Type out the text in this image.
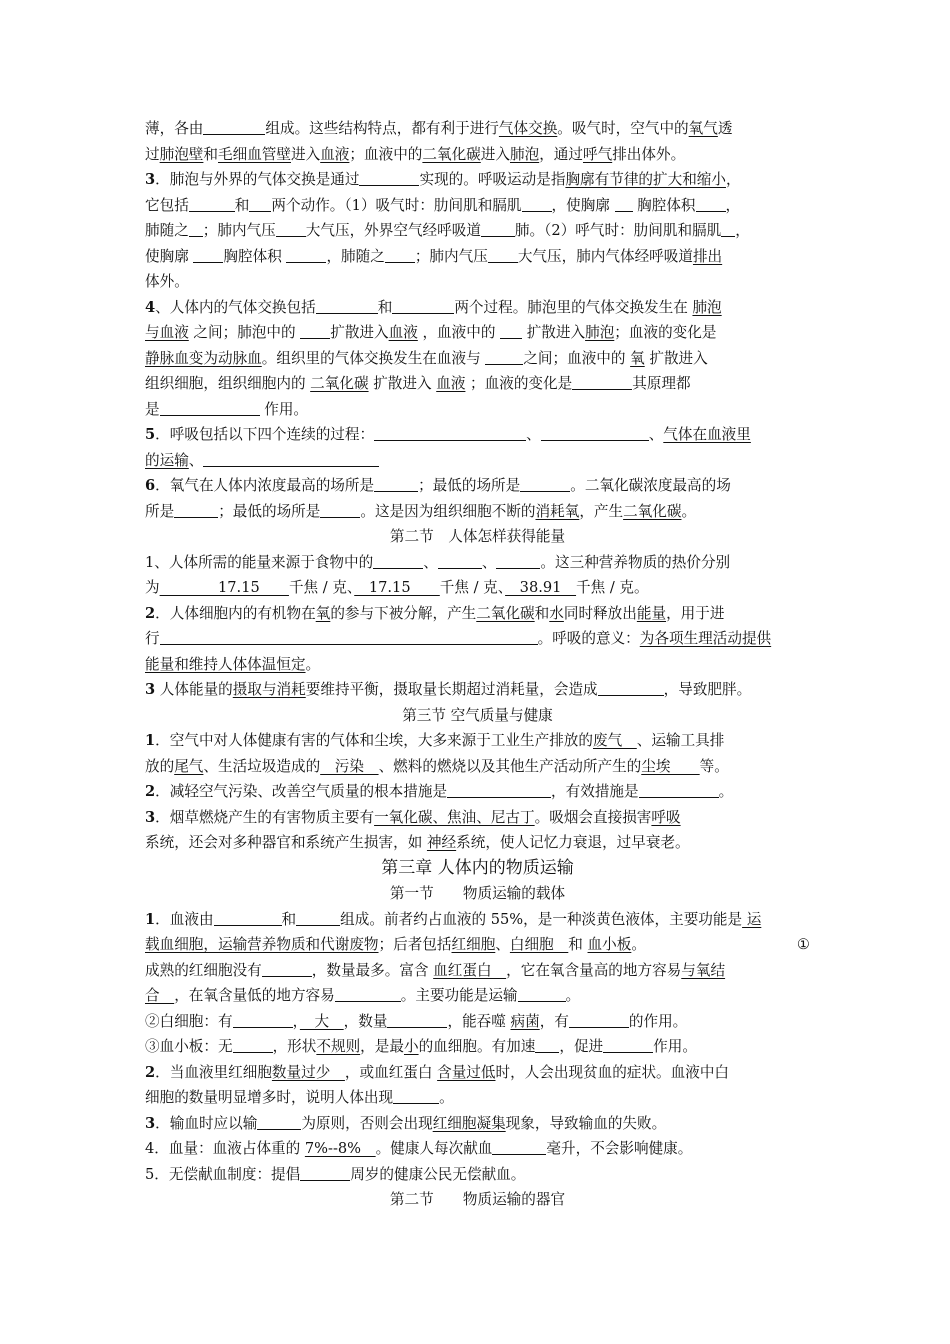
薄，各由	组成。这些结构特点，都有利于进行气体交换。吸气时，空气中的氧气透
过肺泡壁和毛细血管壁进入血液；血液中的二氧化碳进入肺泡，通过呼气排出体外。
3．肺泡与外界的气体交换是通过	实现的。呼吸运动是指胸廓有节律的扩大和缩小，
它包括	和 两个动作。（1）吸气时：肋间肌和膈肌 ，使胸廓  胸腔体积 ，
肺随之 ；肺内气压 大气压，外界空气经呼吸道 肺。（2）呼气时：肋间肌和膈肌 ，
使胸廓 胸腔体积	，肺随之 ；肺内气压 大气压，肺内气体经呼吸道排出
体外。
4、人体内的气体交换包括	和	两个过程。肺泡里的气体交换发生在 肺泡
与血液 之间；肺泡中的 扩散进入血液 ，血液中的  扩散进入肺泡；血液的变化是
静脉血变为动脉血。组织里的气体交换发生在血液与	之间；血液中的 氧 扩散进入
组织细胞，组织细胞内的 二氧化碳 扩散进入 血液 ；血液的变化是	其原理都
是	作用。
5．呼吸包括以下四个连续的过程：	、	、气体在血液里
的运输、
6．氧气在人体内浓度最高的场所是	；最低的场所是	。二氧化碳浓度最高的场
所是	；最低的场所是	。这是因为组织细胞不断的消耗氧，产生二氧化碳。
第二节　人体怎样获得能量
1、人体所需的能量来源于食物中的	、	、	。这三种营养物质的热价分别
为　　　　17.15　　千焦 / 克、　17.15　　千焦 / 克、　38.91　千焦 / 克。
2．人体细胞内的有机物在氧的参与下被分解，产生二氧化碳和水同时释放出能量，用于进
行	。呼吸的意义：为各项生理活动提供
能量和维持人体体温恒定。
3 人体能量的摄取与消耗要维持平衡，摄取量长期超过消耗量，会造成	，导致肥胖。
第三节 空气质量与健康
1．空气中对人体健康有害的气体和尘埃，大多来源于工业生产排放的废气　、运输工具排
放的尾气、生活垃圾造成的　污染　、燃料的燃烧以及其他生产活动所产生的尘埃　　等。
2．减轻空气污染、改善空气质量的根本措施是	，有效措施是	。
3．烟草燃烧产生的有害物质主要有一氧化碳、焦油、尼古丁。吸烟会直接损害呼吸
系统，还会对多种器官和系统产生损害，如 神经系统，使人记忆力衰退，过早衰老。
第三章 人体内的物质运输
第一节　　物质运输的载体
1．血液由	和	组成。前者约占血液的 55%，是一种淡黄色液体，主要功能是 运
载血细胞，运输营养物质和代谢废物；后者包括红细胞、白细胞　和 血小板。	①
成熟的红细胞没有	，数量最多。富含 血红蛋白　，它在氧含量高的地方容易与氧结
合　，在氧含量低的地方容易	。主要功能是运输	。
②白细胞：有	，　大　，数量	，能吞噬 病菌，有	的作用。
③血小板：无	，形状不规则，是最小的血细胞。有加速 ，促进	作用。
2．当血液里红细胞数量过少　，或血红蛋白 含量过低时，人会出现贫血的症状。血液中白
细胞的数量明显增多时，说明人体出现	。
3．输血时应以输	为原则，否则会出现红细胞凝集现象，导致输血的失败。
4．血量：血液占体重的 7%--8%　。健康人每次献血	毫升，不会影响健康。
5．无偿献血制度：提倡	周岁的健康公民无偿献血。
第二节　　物质运输的器官
